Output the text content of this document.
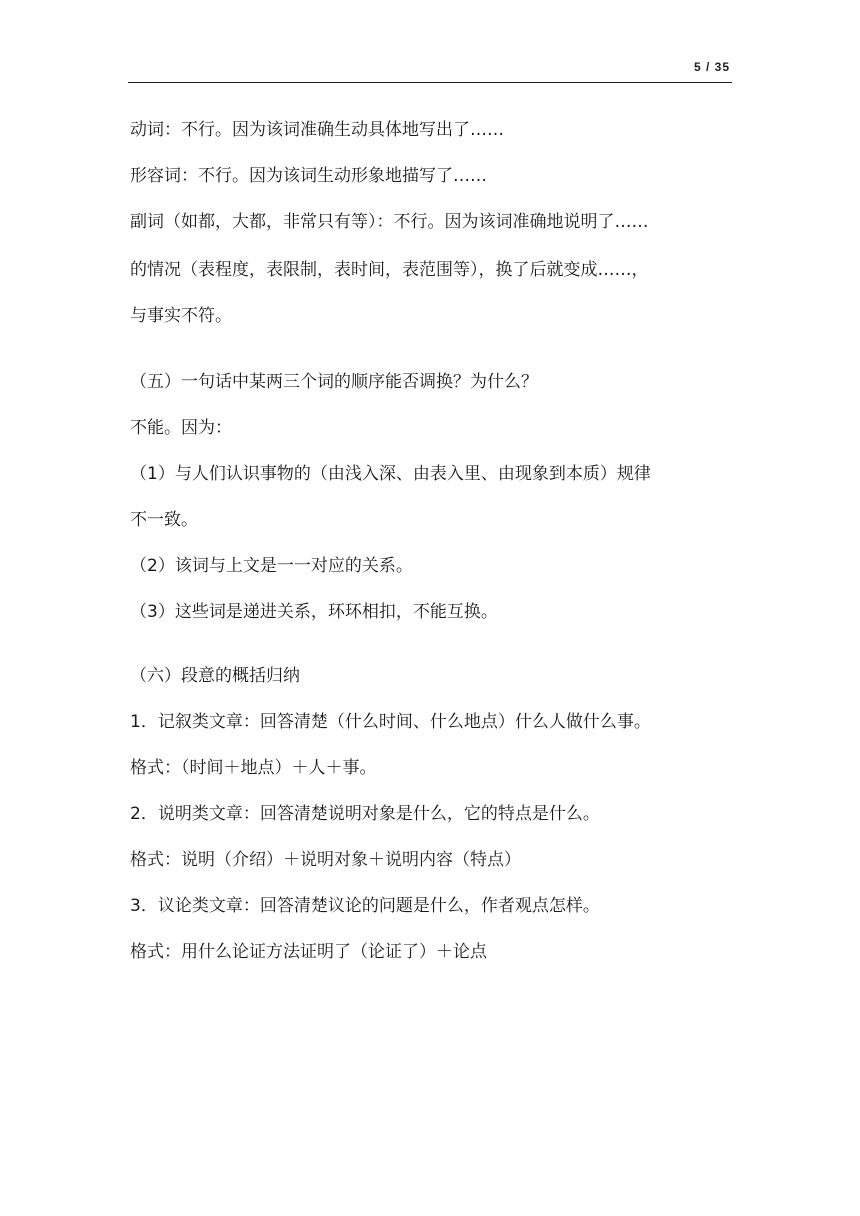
5 / 35
动词：不行。因为该词准确生动具体地写出了……
形容词：不行。因为该词生动形象地描写了……
副词（如都，大都，非常只有等）：不行。因为该词准确地说明了……
的情况（表程度，表限制，表时间，表范围等），换了后就变成……，
与事实不符。
（五）一句话中某两三个词的顺序能否调换？为什么？
不能。因为：
（1）与人们认识事物的（由浅入深、由表入里、由现象到本质）规律
不一致。
（2）该词与上文是一一对应的关系。
（3）这些词是递进关系，环环相扣，不能互换。
（六）段意的概括归纳
1．记叙类文章：回答清楚（什么时间、什么地点）什么人做什么事。
格式：（时间＋地点）＋人＋事。
2．说明类文章：回答清楚说明对象是什么，它的特点是什么。
格式：说明（介绍）＋说明对象＋说明内容（特点）
3．议论类文章：回答清楚议论的问题是什么，作者观点怎样。
格式：用什么论证方法证明了（论证了）＋论点
